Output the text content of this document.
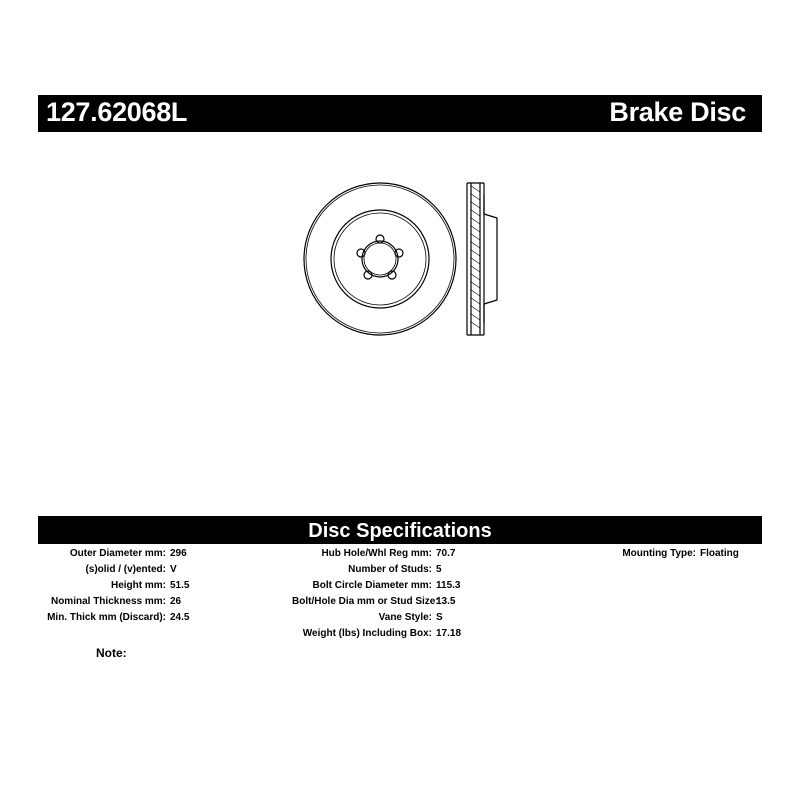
127.62068L	Brake Disc
Disc Specifications
Outer Diameter mm: 296
(s)olid / (v)ented: V
Height mm: 51.5
Nominal Thickness mm: 26
Min. Thick mm (Discard): 24.5
Hub Hole/Whl Reg mm: 70.7
Number of Studs: 5
Bolt Circle Diameter mm: 115.3
Bolt/Hole Dia mm or Stud Size:13.5
Vane Style: S
Weight (lbs) Including Box: 17.18
Mounting Type: Floating
Note:
